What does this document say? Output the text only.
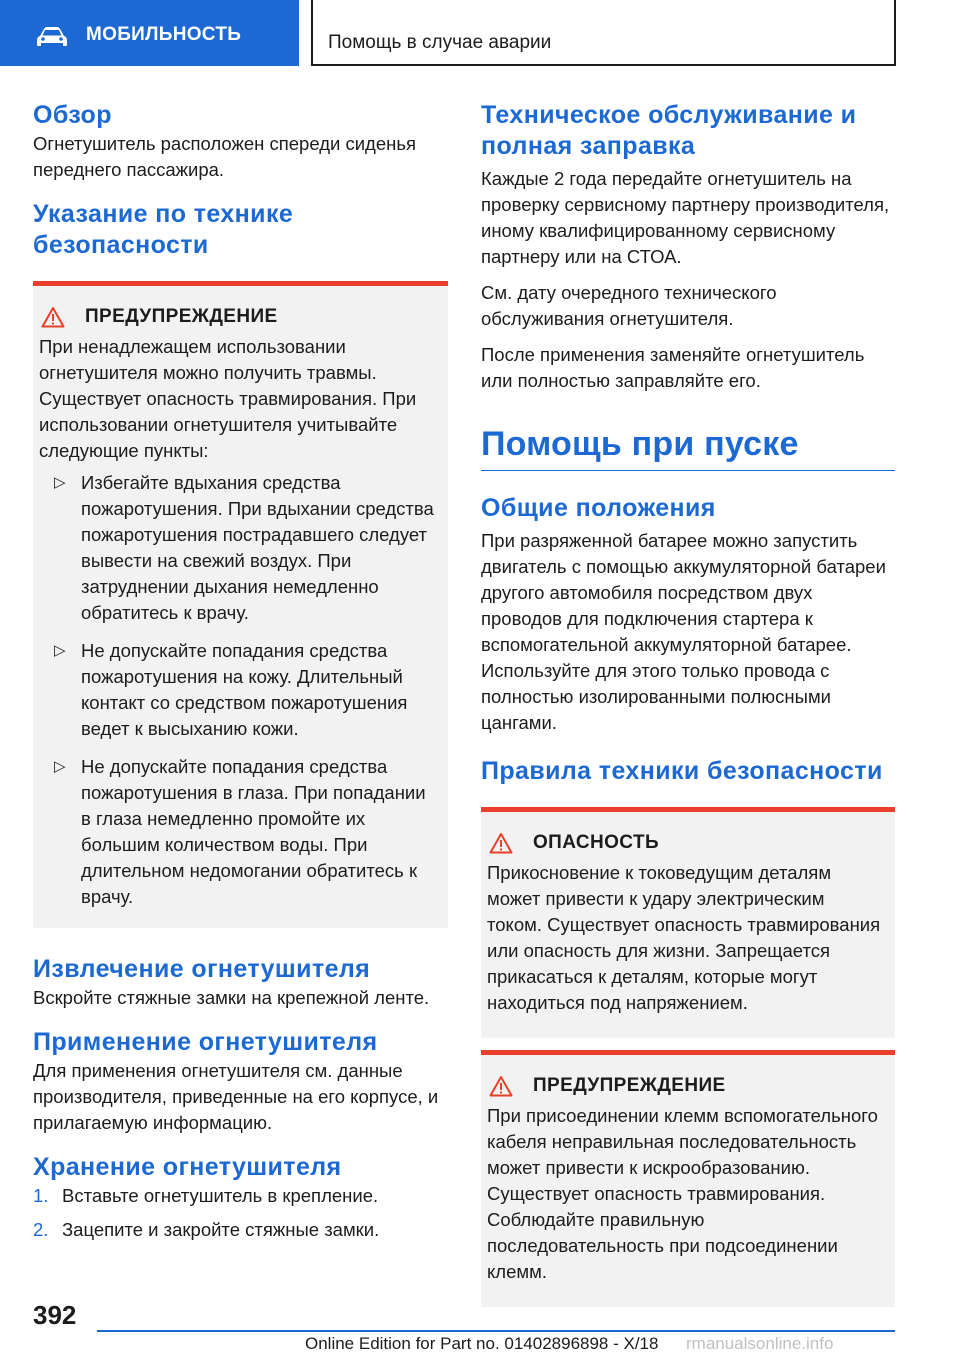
МОБИЛЬНОСТЬ	Помощь в случае аварии
Обзор

Огнетушитель расположен спереди сиденья переднего пассажира.

Указание по технике безопасности
ПРЕДУПРЕЖДЕНИЕ

При ненадлежащем использовании огнетушителя можно получить травмы. Существует опасность травмирования. При использовании огнетушителя учитывайте следующие пункты:

▷ Избегайте вдыхания средства пожаротушения. При вдыхании средства пожаротушения пострадавшего следует вывести на свежий воздух. При затруднении дыхания немедленно обратитесь к врачу.
▷ Не допускайте попадания средства пожаротушения на кожу. Длительный контакт со средством пожаротушения ведет к высыханию кожи.
▷ Не допускайте попадания средства пожаротушения в глаза. При попадании в глаза немедленно промойте их большим количеством воды. При длительном недомогании обратитесь к врачу.
Извлечение огнетушителя

Вскройте стяжные замки на крепежной ленте.

Применение огнетушителя

Для применения огнетушителя см. данные производителя, приведенные на его корпусе, и прилагаемую информацию.

Хранение огнетушителя
1. Вставьте огнетушитель в крепление.
2. Зацепите и закройте стяжные замки.
Техническое обслуживание и полная заправка

Каждые 2 года передайте огнетушитель на проверку сервисному партнеру производителя, иному квалифицированному сервисному партнеру или на СТОА.

См. дату очередного технического обслуживания огнетушителя.

После применения заменяйте огнетушитель или полностью заправляйте его.

Помощь при пуске
Общие положения

При разряженной батарее можно запустить двигатель с помощью аккумуляторной батареи другого автомобиля посредством двух проводов для подключения стартера к вспомогательной аккумуляторной батарее. Используйте для этого только провода с полностью изолированными полюсными цангами.

Правила техники безопасности
ОПАСНОСТЬ

Прикосновение к токоведущим деталям может привести к удару электрическим током. Существует опасность травмирования или опасность для жизни. Запрещается прикасаться к деталям, которые могут находиться под напряжением.

ПРЕДУПРЕЖДЕНИЕ

При присоединении клемм вспомогательного кабеля неправильная последовательность может привести к искрообразованию. Существует опасность травмирования. Соблюдайте правильную последовательность при подсоединении клемм.

392
Online Edition for Part no. 01402896898 - X/18 rmanualsonline.info
